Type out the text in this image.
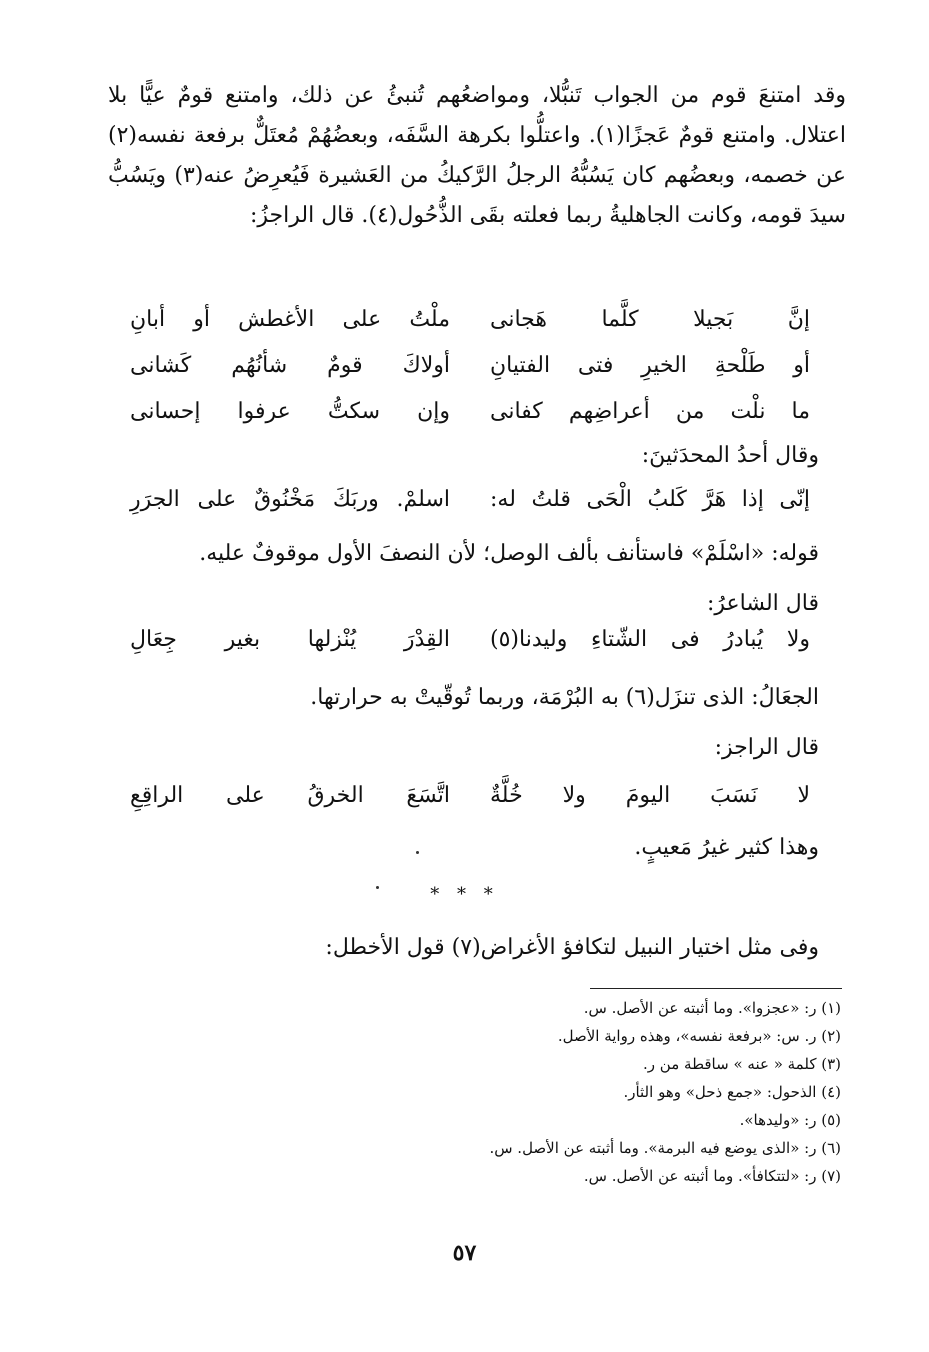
وقد امتنعَ قوم من الجواب تَنبُّلا، ومواضعُهم تُنبئُ عن ذلك، وامتنع قومٌ عيًّا بلا اعتلال. وامتنع قومٌ عَجزًا(١). واعتلُّوا بكرهة السَّفَه، وبعضُهُمْ مُعتَلٌّ برفعة نفسه(٢) عن خصمه، وبعضُهم كان يَسُبُّهُ الرجلُ الرَّكيكُ من العَشيرة فَيُعرِضُ عنه(٣) ويَسُبُّ سيدَ قومه، وكانت الجاهليةُ ربما فعلته بقَى الذُّحُول(٤). قال الراجزُ:
إنَّ بَجيلا كلَّما هَجانى
ملْتُ على الأغطش أو أبانِ
أو طَلْحةِ الخيرِ فتى الفتيانِ
أولاكَ قومٌ شأنُهُم كَشانى
ما نلْت من أعراضِهم كفانى
وإن سكتُّ عرفوا إحسانى
وقال أحدُ المحدَثينَ:
إنّى إذا هَرَّ كَلبُ الْحَى قلتُ له:
اسلمْ. وربَكَ مَخْنُوقٌ على الجرَرِ
قوله: «اسْلَمْ» فاستأنف بألف الوصل؛ لأن النصفَ الأول موقوفٌ عليه.
قال الشاعرُ:
ولا يُبادرُ فى الشّتاءِ وليدنا(٥)
القِدْرَ يُنْزلها بغير جِعَالِ
الجعَالُ: الذى تنزَل(٦) به البُرْمَة، وربما تُوقّيتْ به حرارتها.
قال الراجز:
لا نَسَبَ اليومَ ولا خُلَّةٌ
اتَّسَعَ الخرقُ على الراقِعِ
وهذا كثير غيرُ مَعيبٍ.
* * *
وفى مثل اختيار النبيل لتكافؤ الأغراض(٧) قول الأخطل:
(١) ر: «عجزوا». وما أثبته عن الأصل. س.
(٢) ر. س: «برفعة نفسه»، وهذه رواية الأصل.
(٣) كلمة « عنه » ساقطة من ر.
(٤) الذحول: «جمع ذحل» وهو الثأر.
(٥) ر: «وليدها».
(٦) ر: «الذى يوضع فيه البرمة». وما أثبته عن الأصل. س.
(٧) ر: «لتتكافأ». وما أثبته عن الأصل. س.
٥٧
